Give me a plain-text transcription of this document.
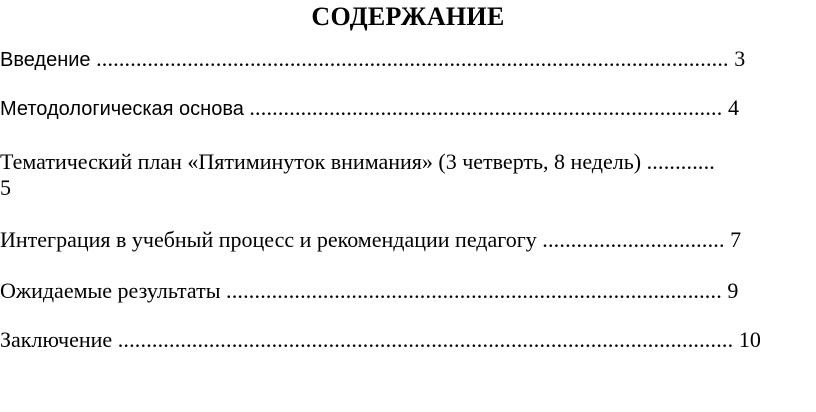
СОДЕРЖАНИЕ
Введение ............................................................................................................... 3
Методологическая основа ................................................................................... 4
Тематический план «Пятиминуток внимания» (3 четверть, 8 недель) ............
5
Интеграция в учебный процесс и рекомендации педагогу ................................ 7
Ожидаемые результаты ....................................................................................... 9
Заключение ............................................................................................................ 10
